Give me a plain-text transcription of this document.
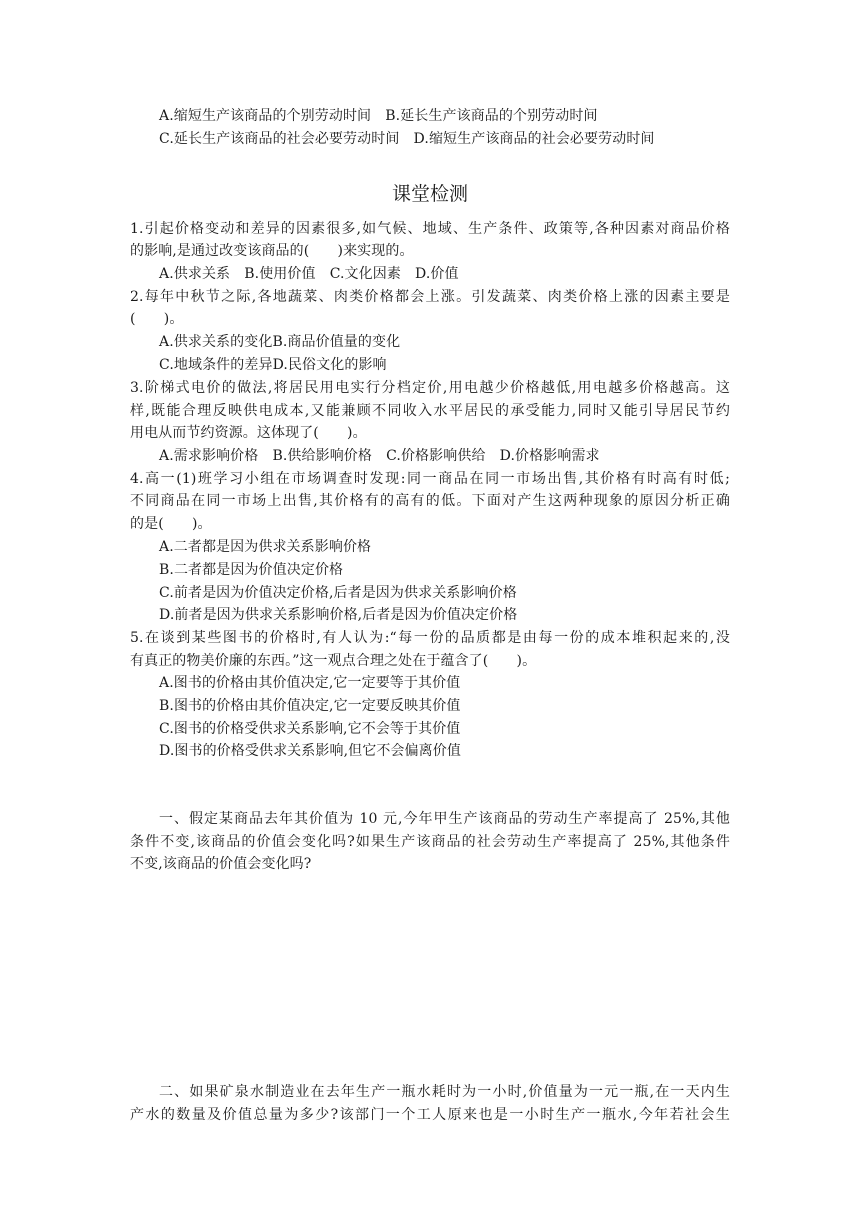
A.缩短生产该商品的个别劳动时间　B.延长生产该商品的个别劳动时间
C.延长生产该商品的社会必要劳动时间　D.缩短生产该商品的社会必要劳动时间
课堂检测
1.引起价格变动和差异的因素很多,如气候、地域、生产条件、政策等,各种因素对商品价格
的影响,是通过改变该商品的(　　)来实现的。
A.供求关系　B.使用价值　C.文化因素　D.价值
2.每年中秋节之际,各地蔬菜、肉类价格都会上涨。引发蔬菜、肉类价格上涨的因素主要是
(　　)。
A.供求关系的变化B.商品价值量的变化
C.地域条件的差异D.民俗文化的影响
3.阶梯式电价的做法,将居民用电实行分档定价,用电越少价格越低,用电越多价格越高。这
样,既能合理反映供电成本,又能兼顾不同收入水平居民的承受能力,同时又能引导居民节约
用电从而节约资源。这体现了(　　)。
A.需求影响价格　B.供给影响价格　C.价格影响供给　D.价格影响需求
4.高一(1)班学习小组在市场调查时发现:同一商品在同一市场出售,其价格有时高有时低;
不同商品在同一市场上出售,其价格有的高有的低。下面对产生这两种现象的原因分析正确
的是(　　)。
A.二者都是因为供求关系影响价格
B.二者都是因为价值决定价格
C.前者是因为价值决定价格,后者是因为供求关系影响价格
D.前者是因为供求关系影响价格,后者是因为价值决定价格
5.在谈到某些图书的价格时,有人认为:“每一份的品质都是由每一份的成本堆积起来的,没
有真正的物美价廉的东西。”这一观点合理之处在于蕴含了(　　)。
A.图书的价格由其价值决定,它一定要等于其价值
B.图书的价格由其价值决定,它一定要反映其价值
C.图书的价格受供求关系影响,它不会等于其价值
D.图书的价格受供求关系影响,但它不会偏离价值
一、假定某商品去年其价值为 10 元,今年甲生产该商品的劳动生产率提高了 25%,其他
条件不变,该商品的价值会变化吗?如果生产该商品的社会劳动生产率提高了 25%,其他条件
不变,该商品的价值会变化吗?
二、如果矿泉水制造业在去年生产一瓶水耗时为一小时,价值量为一元一瓶,在一天内生
产水的数量及价值总量为多少?该部门一个工人原来也是一小时生产一瓶水,今年若社会生
